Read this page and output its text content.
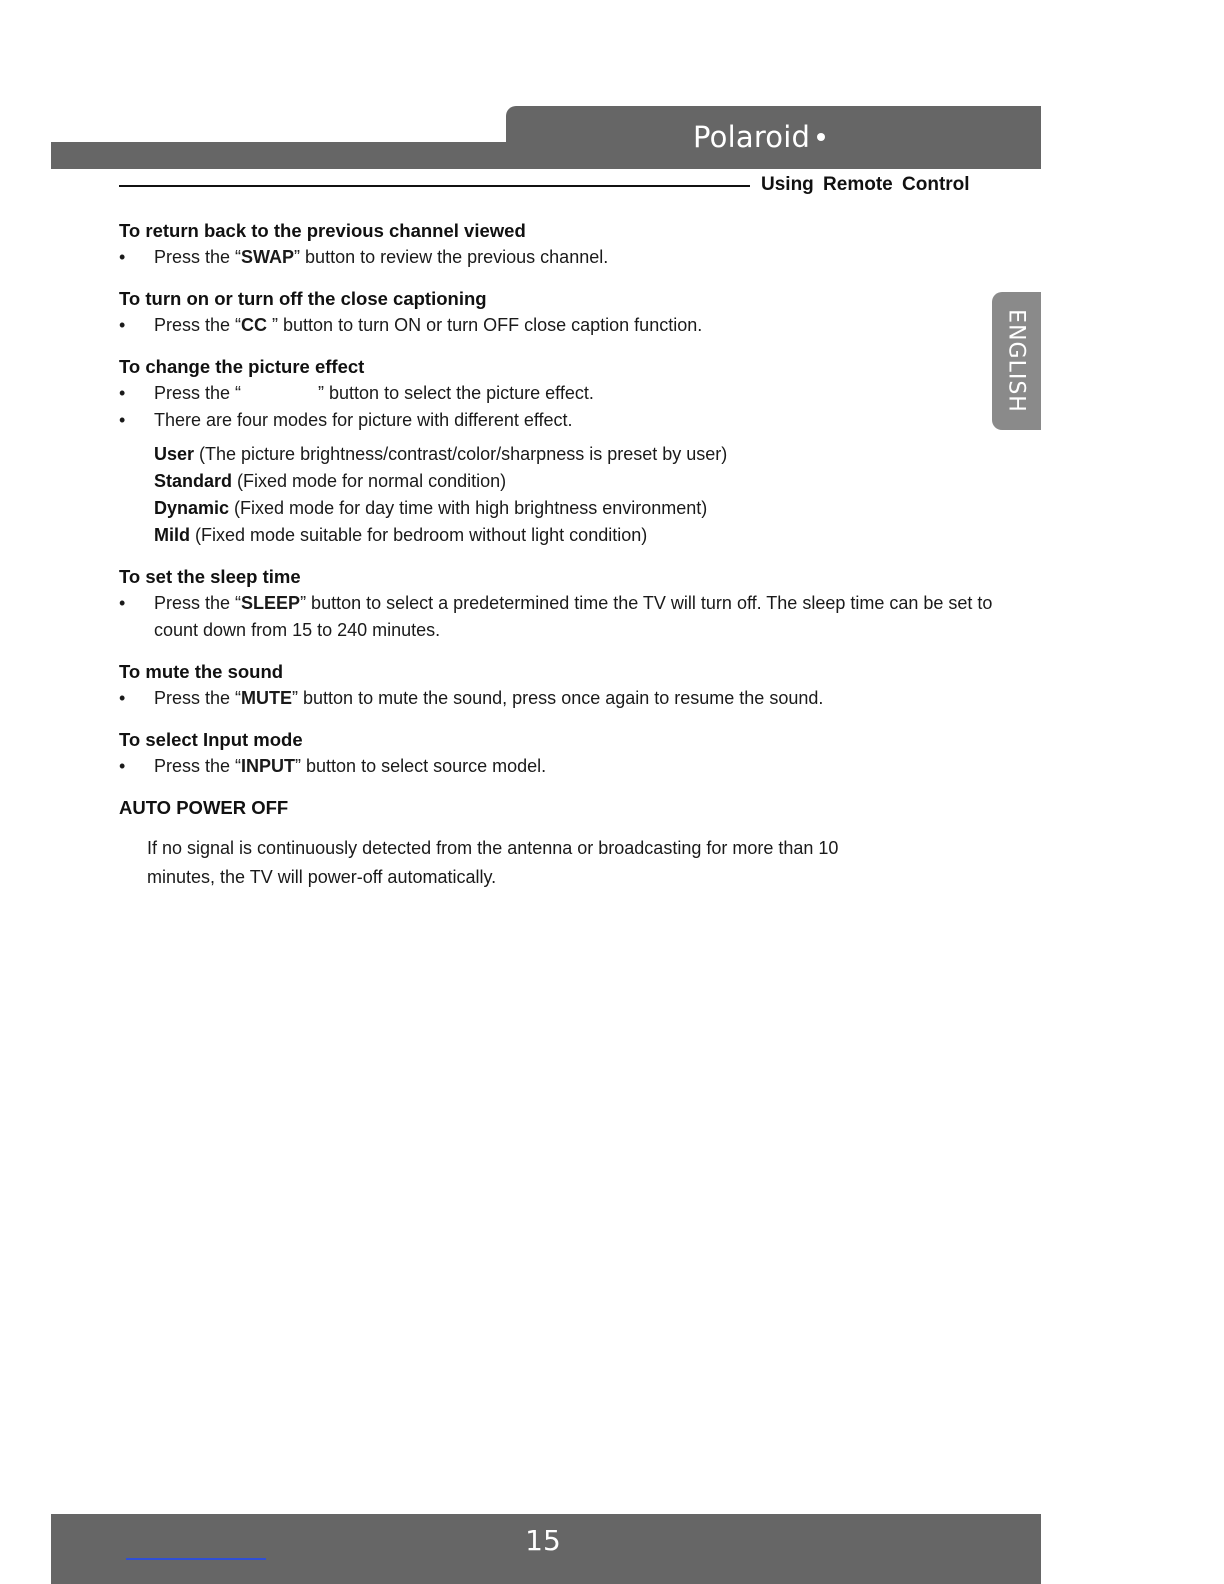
Polaroid
Using Remote Control
ENGLISH
To return back to the previous channel viewed
•	Press the “SWAP” button to review the previous channel.
To turn on or turn off the close captioning
•	Press the “CC ” button to turn ON or turn OFF close caption function.
To change the picture effect
•	Press the “	” button to select the picture effect.
•	There are four modes for picture with different effect.
User (The picture brightness/contrast/color/sharpness is preset by user)
Standard (Fixed mode for normal condition)
Dynamic (Fixed mode for day time with high brightness environment)
Mild (Fixed mode suitable for bedroom without light condition)
To set the sleep time
•	Press the “SLEEP” button to select a predetermined time the TV will turn off. The sleep time can be set to count down from 15 to 240 minutes.
To mute the sound
•	Press the “MUTE” button to mute the sound, press once again to resume the sound.
To select Input mode
•	Press the “INPUT” button to select source model.
AUTO POWER OFF
If no signal is continuously detected from the antenna or broadcasting for more than 10
minutes, the TV will power-off automatically.
15
